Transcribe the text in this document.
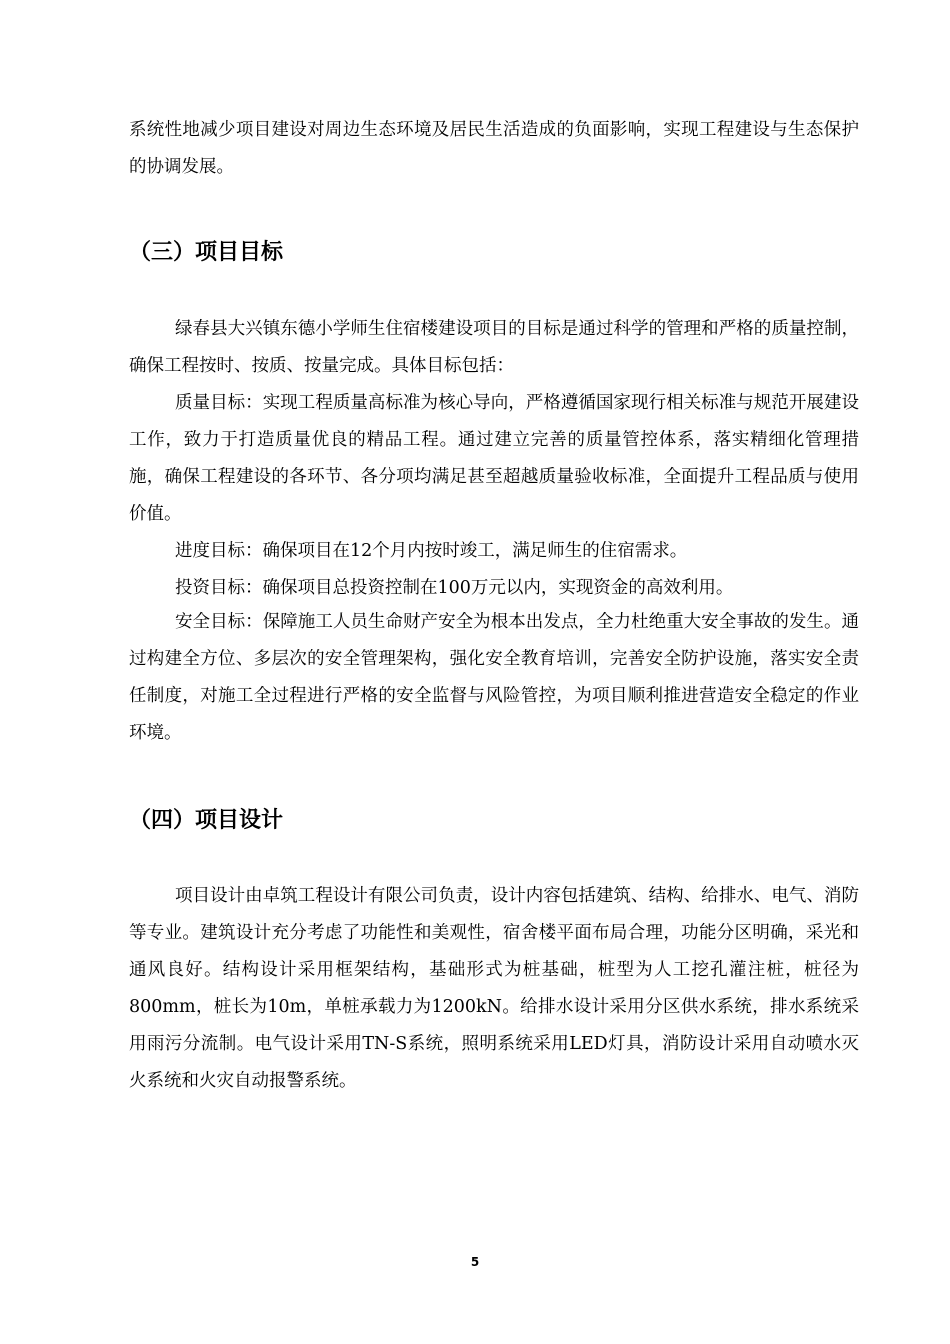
系统性地减少项目建设对周边生态环境及居民生活造成的负面影响，实现工程建设与生态保护的协调发展。

（三）项目目标

绿春县大兴镇东德小学师生住宿楼建设项目的目标是通过科学的管理和严格的质量控制，确保工程按时、按质、按量完成。具体目标包括：

质量目标：实现工程质量高标准为核心导向，严格遵循国家现行相关标准与规范开展建设工作，致力于打造质量优良的精品工程。通过建立完善的质量管控体系，落实精细化管理措施，确保工程建设的各环节、各分项均满足甚至超越质量验收标准，全面提升工程品质与使用价值。

进度目标：确保项目在12个月内按时竣工，满足师生的住宿需求。

投资目标：确保项目总投资控制在100万元以内，实现资金的高效利用。

安全目标：保障施工人员生命财产安全为根本出发点，全力杜绝重大安全事故的发生。通过构建全方位、多层次的安全管理架构，强化安全教育培训，完善安全防护设施，落实安全责任制度，对施工全过程进行严格的安全监督与风险管控，为项目顺利推进营造安全稳定的作业环境。

（四）项目设计

项目设计由卓筑工程设计有限公司负责，设计内容包括建筑、结构、给排水、电气、消防等专业。建筑设计充分考虑了功能性和美观性，宿舍楼平面布局合理，功能分区明确，采光和通风良好。结构设计采用框架结构，基础形式为桩基础，桩型为人工挖孔灌注桩，桩径为800mm，桩长为10m，单桩承载力为1200kN。给排水设计采用分区供水系统，排水系统采用雨污分流制。电气设计采用TN-S系统，照明系统采用LED灯具，消防设计采用自动喷水灭火系统和火灾自动报警系统。

5
